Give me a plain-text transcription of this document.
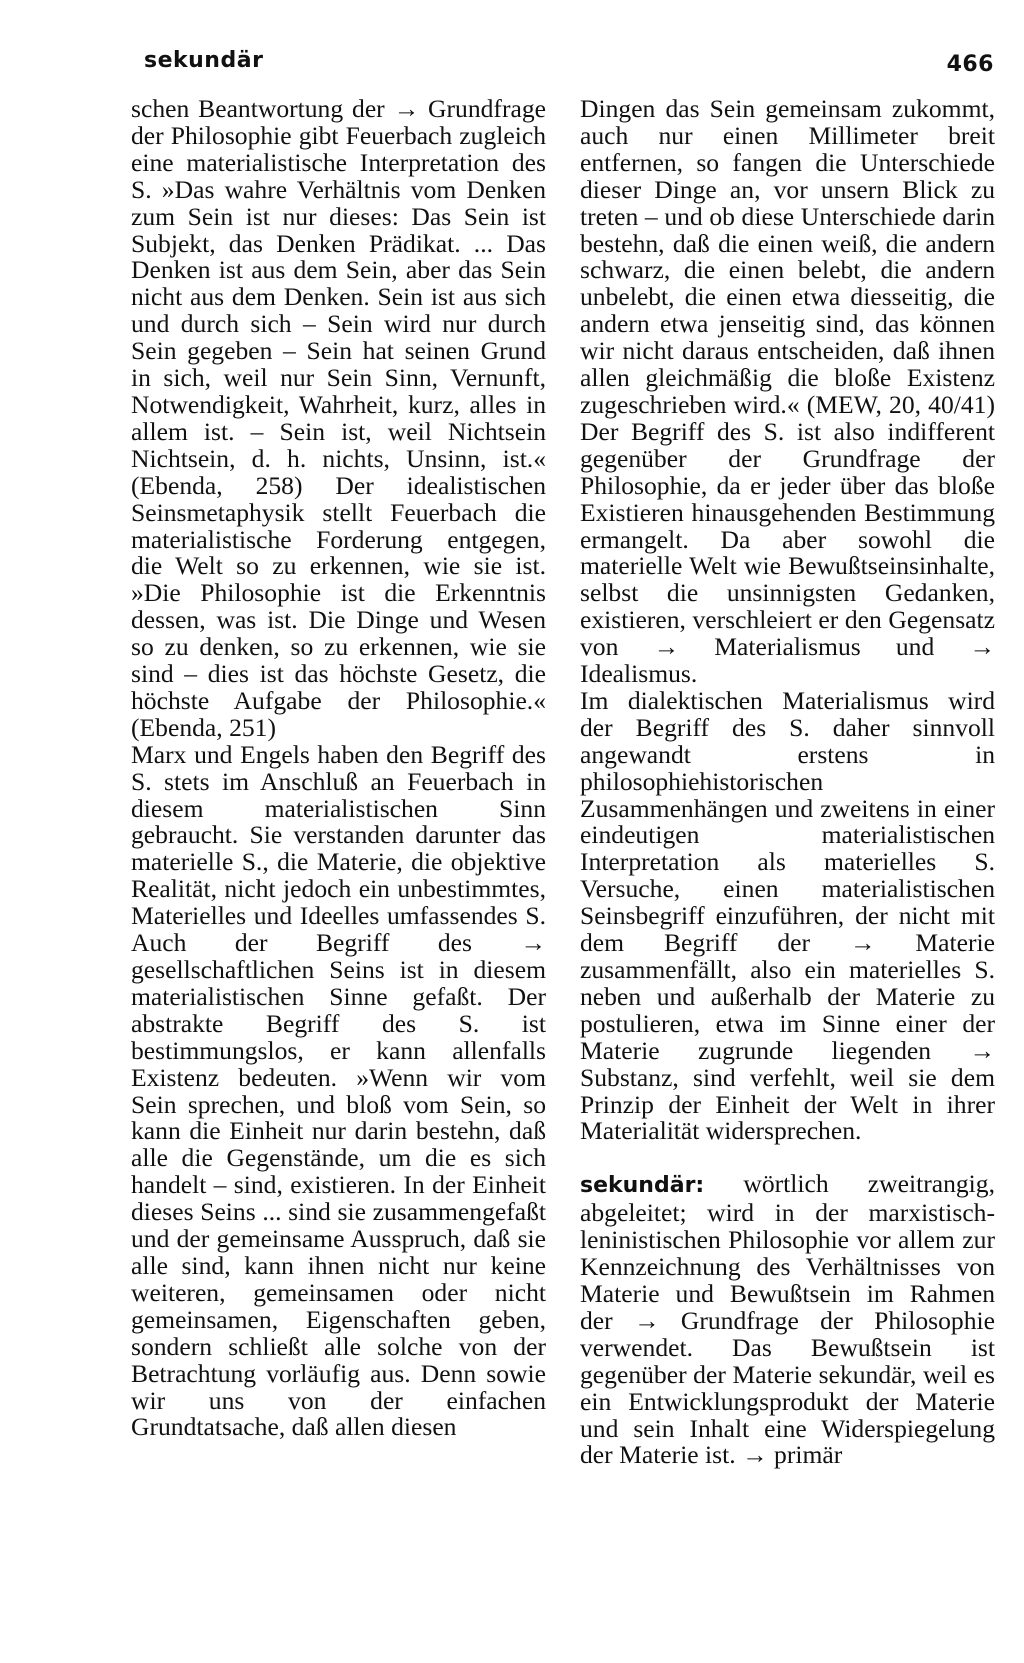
sekundär	466

schen Beantwortung der → Grundfrage der Philosophie gibt Feuerbach zugleich eine materialistische Interpretation des S. »Das wahre Verhältnis vom Denken zum Sein ist nur dieses: Das Sein ist Subjekt, das Denken Prädikat. ... Das Denken ist aus dem Sein, aber das Sein nicht aus dem Denken. Sein ist aus sich und durch sich – Sein wird nur durch Sein gegeben – Sein hat seinen Grund in sich, weil nur Sein Sinn, Vernunft, Notwendigkeit, Wahrheit, kurz, alles in allem ist. – Sein ist, weil Nichtsein Nichtsein, d. h. nichts, Unsinn, ist.« (Ebenda, 258) Der idealistischen Seinsmetaphysik stellt Feuerbach die materialistische Forderung entgegen, die Welt so zu erkennen, wie sie ist. »Die Philosophie ist die Erkenntnis dessen, was ist. Die Dinge und Wesen so zu denken, so zu erkennen, wie sie sind – dies ist das höchste Gesetz, die höchste Aufgabe der Philosophie.« (Ebenda, 251)

Marx und Engels haben den Begriff des S. stets im Anschluß an Feuerbach in diesem materialistischen Sinn gebraucht. Sie verstanden darunter das materielle S., die Materie, die objektive Realität, nicht jedoch ein unbestimmtes, Materielles und Ideelles umfassendes S. Auch der Begriff des → gesellschaftlichen Seins ist in diesem materialistischen Sinne gefaßt. Der abstrakte Begriff des S. ist bestimmungslos, er kann allenfalls Existenz bedeuten. »Wenn wir vom Sein sprechen, und bloß vom Sein, so kann die Einheit nur darin bestehn, daß alle die Gegenstände, um die es sich handelt – sind, existieren. In der Einheit dieses Seins ... sind sie zusammengefaßt und der gemeinsame Ausspruch, daß sie alle sind, kann ihnen nicht nur keine weiteren, gemeinsamen oder nicht gemeinsamen, Eigenschaften geben, sondern schließt alle solche von der Betrachtung vorläufig aus. Denn sowie wir uns von der einfachen Grundtatsache, daß allen diesen

Dingen das Sein gemeinsam zukommt, auch nur einen Millimeter breit entfernen, so fangen die Unterschiede dieser Dinge an, vor unsern Blick zu treten – und ob diese Unterschiede darin bestehn, daß die einen weiß, die andern schwarz, die einen belebt, die andern unbelebt, die einen etwa diesseitig, die andern etwa jenseitig sind, das können wir nicht daraus entscheiden, daß ihnen allen gleichmäßig die bloße Existenz zugeschrieben wird.« (MEW, 20, 40/41) Der Begriff des S. ist also indifferent gegenüber der Grundfrage der Philosophie, da er jeder über das bloße Existieren hinausgehenden Bestimmung ermangelt. Da aber sowohl die materielle Welt wie Bewußtseinsinhalte, selbst die unsinnigsten Gedanken, existieren, verschleiert er den Gegensatz von → Materialismus und → Idealismus.

Im dialektischen Materialismus wird der Begriff des S. daher sinnvoll angewandt erstens in philosophiehistorischen Zusammenhängen und zweitens in einer eindeutigen materialistischen Interpretation als materielles S. Versuche, einen materialistischen Seinsbegriff einzuführen, der nicht mit dem Begriff der → Materie zusammenfällt, also ein materielles S. neben und außerhalb der Materie zu postulieren, etwa im Sinne einer der Materie zugrunde liegenden → Substanz, sind verfehlt, weil sie dem Prinzip der Einheit der Welt in ihrer Materialität widersprechen.

sekundär: wörtlich zweitrangig, abgeleitet; wird in der marxistisch-leninistischen Philosophie vor allem zur Kennzeichnung des Verhältnisses von Materie und Bewußtsein im Rahmen der → Grundfrage der Philosophie verwendet. Das Bewußtsein ist gegenüber der Materie sekundär, weil es ein Entwicklungsprodukt der Materie und sein Inhalt eine Widerspiegelung der Materie ist. → primär
